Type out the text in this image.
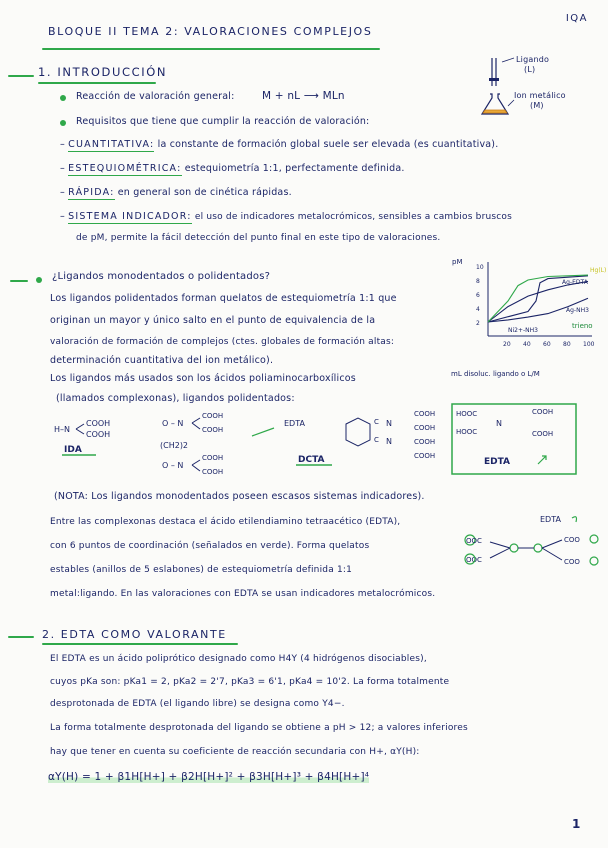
BLOQUE II TEMA 2: VALORACIONES COMPLEJOS
IQA
1. INTRODUCCIÓN
Ligando
(L)
Ion metálico
(M)
Reacción de valoración general:	M + nL ⟶ MLn
Requisitos que tiene que cumplir la reacción de valoración:
– CUANTITATIVA: la constante de formación global suele ser elevada (es cuantitativa).
– ESTEQUIOMÉTRICA: estequiometría 1:1, perfectamente definida.
– RÁPIDA: en general son de cinética rápidas.
– SISTEMA INDICADOR: el uso de indicadores metalocrómicos, sensibles a cambios bruscos
de pM, permite la fácil detección del punto final en este tipo de valoraciones.
¿Ligandos monodentados o polidentados?
Los ligandos polidentados forman quelatos de estequiometría 1:1 que
originan un mayor y único salto en el punto de equivalencia de la
valoración de formación de complejos (ctes. globales de formación altas:
determinación cuantitativa del ion metálico).
Los ligandos más usados son los ácidos poliaminocarboxílicos
(llamados complexonas), ligandos polidentados:
pM
mL disoluc. ligando o L/M
10
8
6
4
2
20 40 60 80 100
Hg(L)
Ag-EDTA
Ag-NH3
Ni2+-NH3
trieno
H–N
COOH
COOH
IDA
O – N
COOH
COOH
(CH2)2
O – N
COOH
COOH
EDTA	C
C
N
N
COOH
COOH
COOH
COOH
DCTA
HOOC
HOOC
N
COOH
COOH
EDTA
(NOTA: Los ligandos monodentados poseen escasos sistemas indicadores).
Entre las complexonas destaca el ácido etilendiamino tetraacético (EDTA),
con 6 puntos de coordinación (señalados en verde). Forma quelatos
estables (anillos de 5 eslabones) de estequiometría definida 1:1
metal:ligando. En las valoraciones con EDTA se usan indicadores metalocrómicos.
EDTA
OOC
OOC
COO
COO
2. EDTA COMO VALORANTE
El EDTA es un ácido poliprótico designado como H4Y (4 hidrógenos disociables),
cuyos pKa son: pKa1 = 2, pKa2 = 2'7, pKa3 = 6'1, pKa4 = 10'2. La forma totalmente
desprotonada de EDTA (el ligando libre) se designa como Y4−.
La forma totalmente desprotonada del ligando se obtiene a pH > 12; a valores inferiores
hay que tener en cuenta su coeficiente de reacción secundaria con H+, αY(H):
αY(H) = 1 + β1H[H+] + β2H[H+]² + β3H[H+]³ + β4H[H+]⁴
1
